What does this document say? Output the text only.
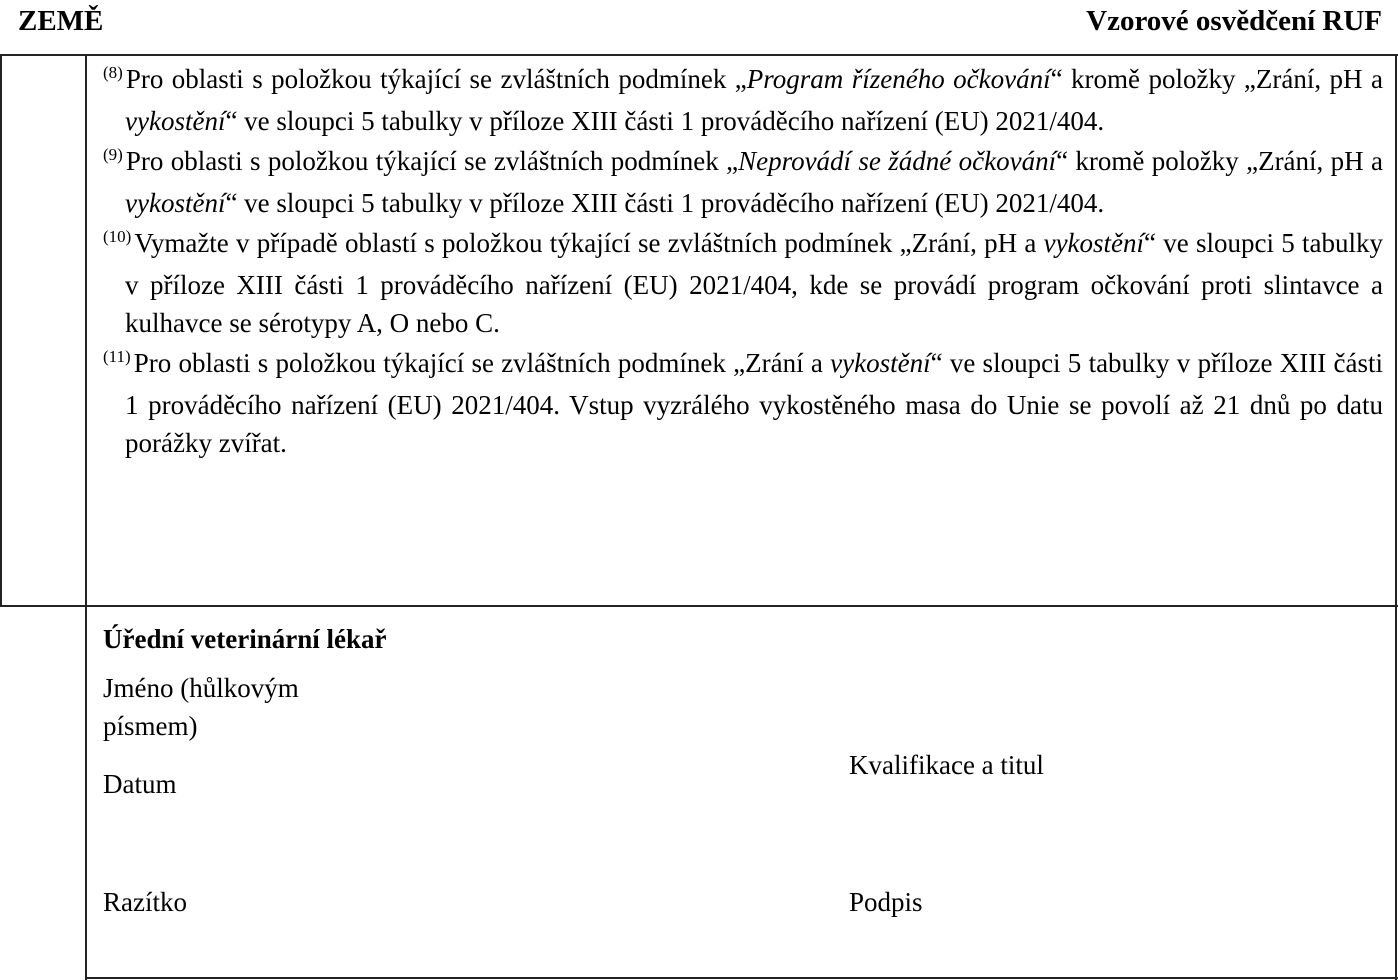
ZEMĚ	Vzorové osvědčení RUF

$^{(8)}$ Pro oblasti s položkou týkající se zvláštních podmínek „Program řízeného očkování“ kromě položky „Zrání, pH a vykostění“ ve sloupci 5 tabulky v příloze XIII části 1 prováděcího nařízení (EU) 2021/404.

$^{(9)}$ Pro oblasti s položkou týkající se zvláštních podmínek „Neprovádí se žádné očkování“ kromě položky „Zrání, pH a vykostění“ ve sloupci 5 tabulky v příloze XIII části 1 prováděcího nařízení (EU) 2021/404.

$^{(10)}$ Vymažte v případě oblastí s položkou týkající se zvláštních podmínek „Zrání, pH a vykostění“ ve sloupci 5 tabulky v příloze XIII části 1 prováděcího nařízení (EU) 2021/404, kde se provádí program očkování proti slintavce a kulhavce se sérotypy A, O nebo C.

$^{(11)}$ Pro oblasti s položkou týkající se zvláštních podmínek „Zrání a vykostění“ ve sloupci 5 tabulky v příloze XIII části 1 prováděcího nařízení (EU) 2021/404. Vstup vyzrálého vykostěného masa do Unie se povolí až 21 dnů po datu porážky zvířat.

Úřední veterinární lékař
Jméno (hůlkovým písmem)
Datum
Kvalifikace a titul
Razítko	Podpis
